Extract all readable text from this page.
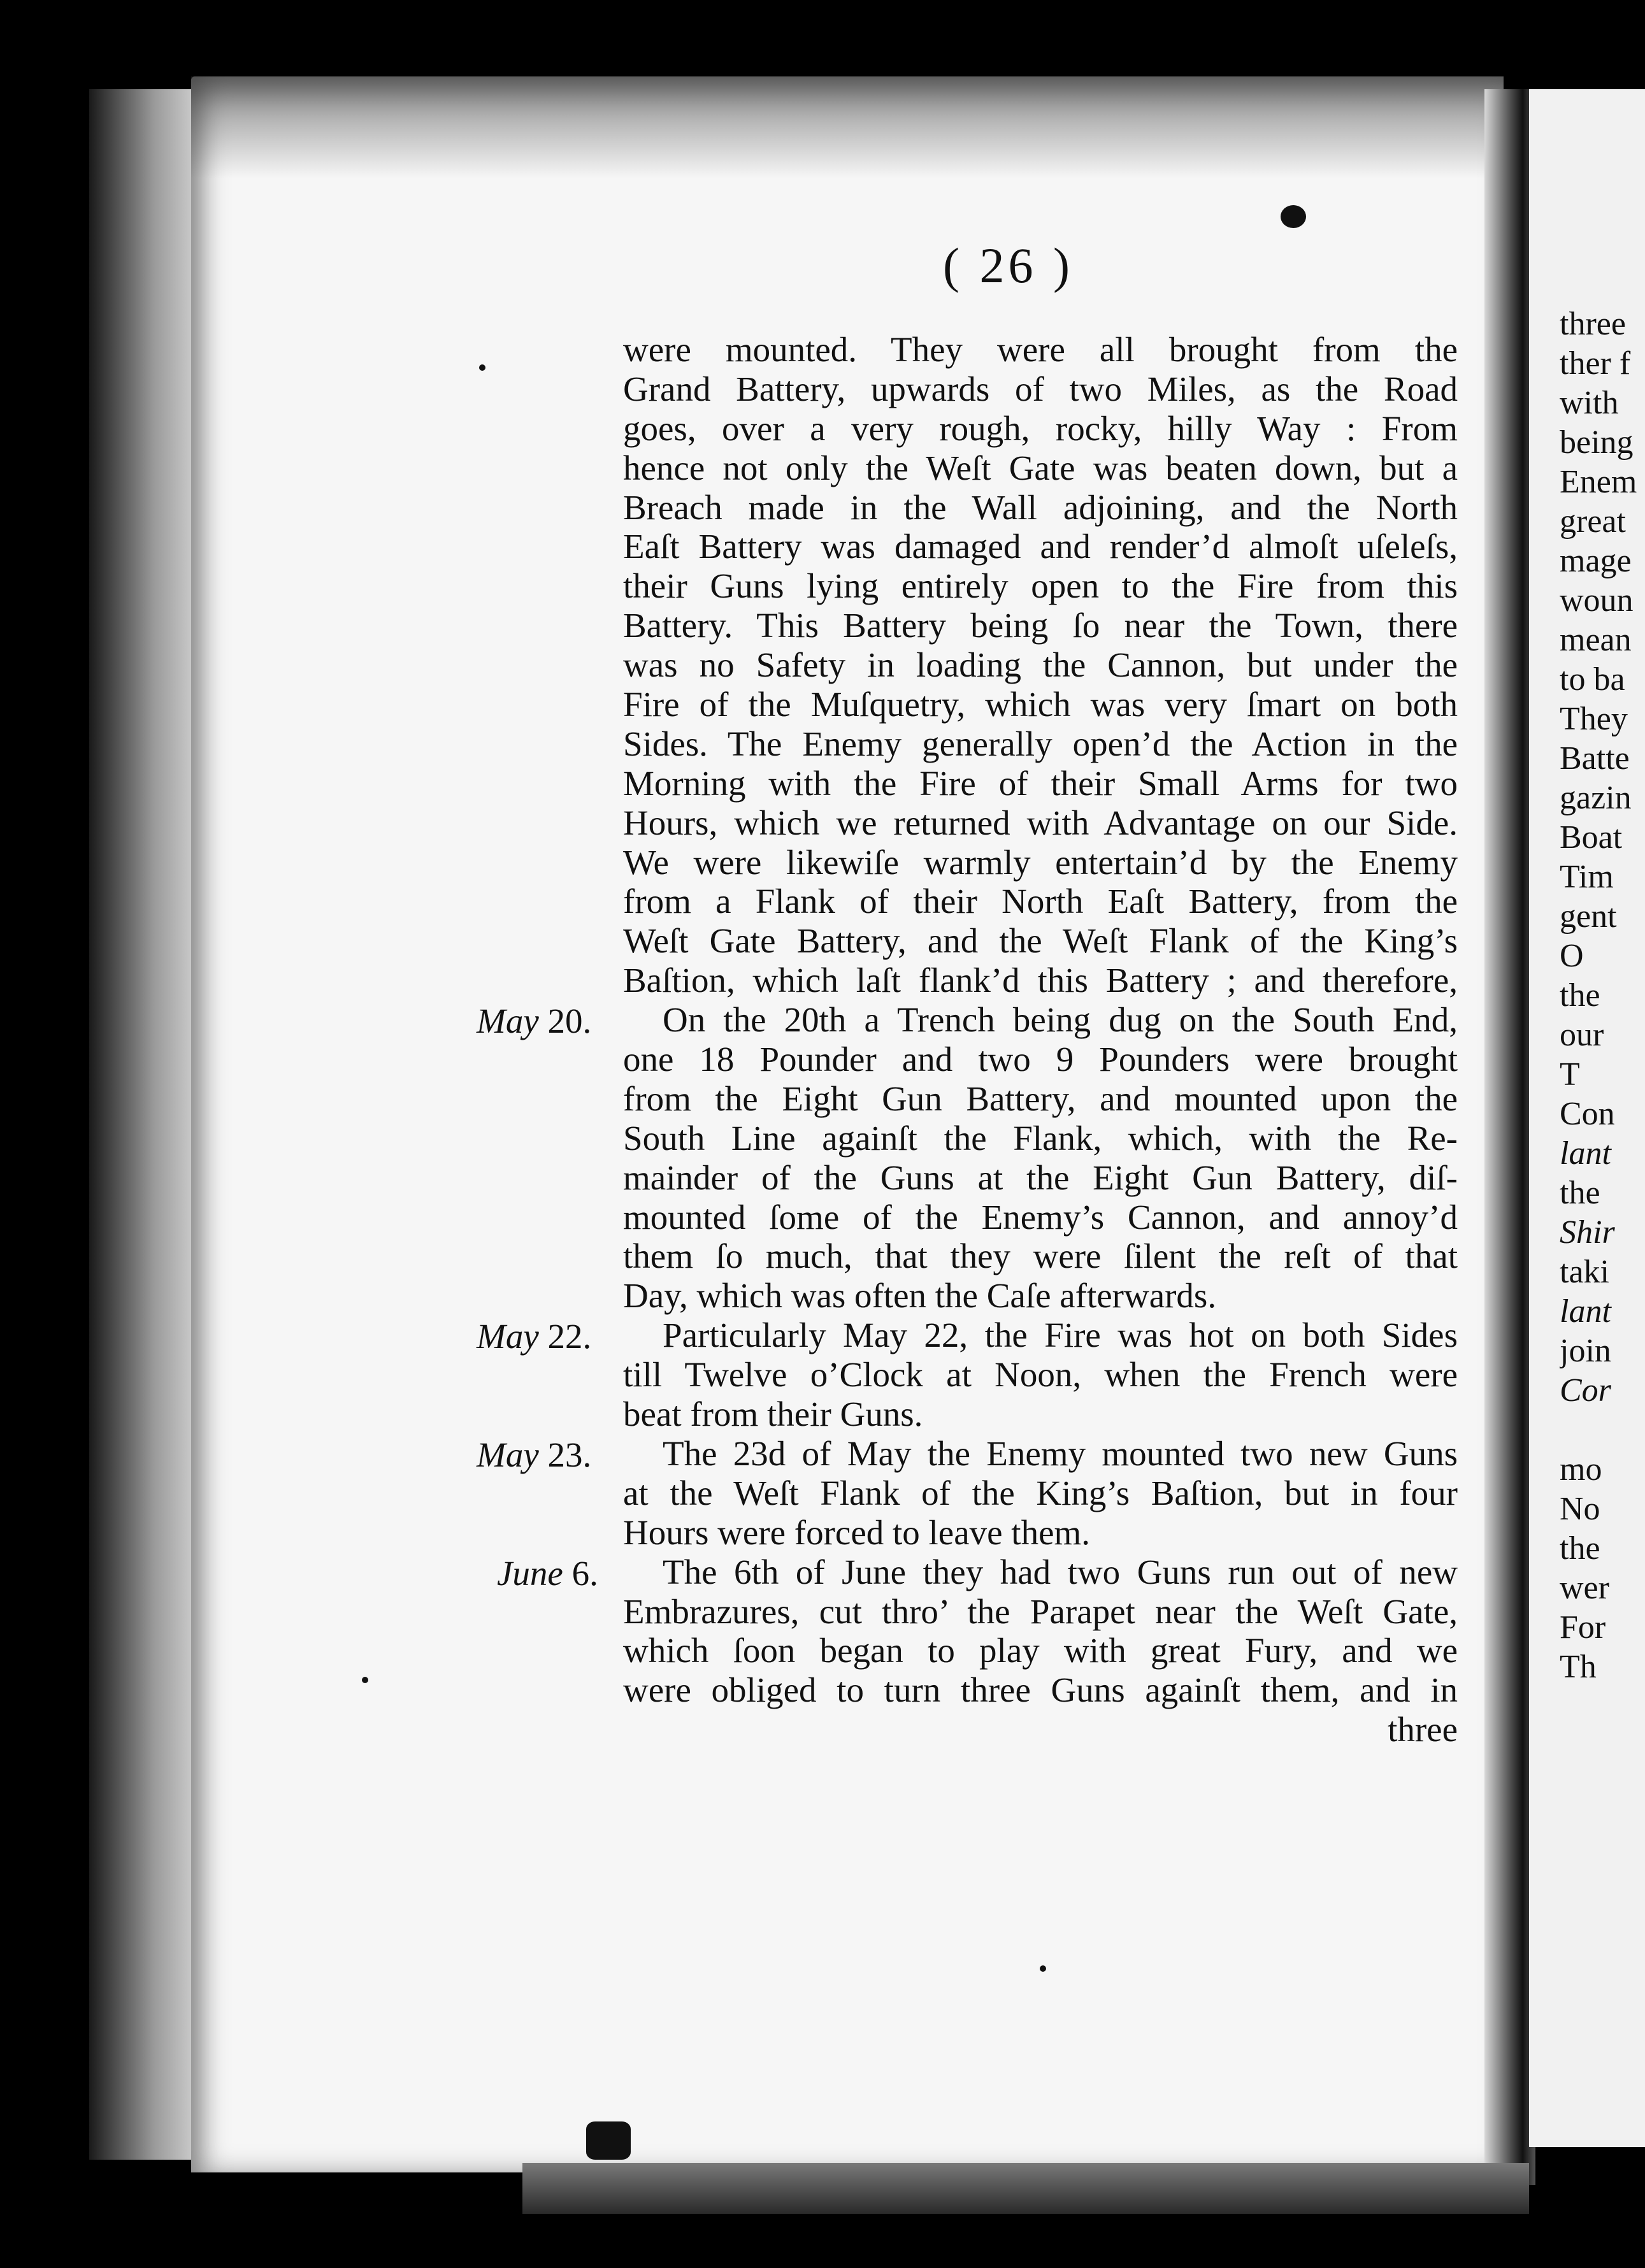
( 26 )
were mounted. They were all brought from the
Grand Battery, upwards of two Miles, as the Road
goes, over a very rough, rocky, hilly Way : From
hence not only the Weſt Gate was beaten down, but a
Breach made in the Wall adjoining, and the North
Eaſt Battery was damaged and render’d almoſt uſeleſs,
their Guns lying entirely open to the Fire from this
Battery. This Battery being ſo near the Town, there
was no Safety in loading the Cannon, but under the
Fire of the Muſquetry, which was very ſmart on both
Sides. The Enemy generally open’d the Action in the
Morning with the Fire of their Small Arms for two
Hours, which we returned with Advantage on our Side.
We were likewiſe warmly entertain’d by the Enemy
from a Flank of their North Eaſt Battery, from the
Weſt Gate Battery, and the Weſt Flank of the King’s
Baſtion, which laſt flank’d this Battery ; and therefore,
On the 20th a Trench being dug on the South End,
one 18 Pounder and two 9 Pounders were brought
from the Eight Gun Battery, and mounted upon the
South Line againſt the Flank, which, with the Re-
mainder of the Guns at the Eight Gun Battery, diſ-
mounted ſome of the Enemy’s Cannon, and annoy’d
them ſo much, that they were ſilent the reſt of that
Day, which was often the Caſe afterwards.
Particularly May 22, the Fire was hot on both Sides
till Twelve o’Clock at Noon, when the French were
beat from their Guns.
The 23d of May the Enemy mounted two new Guns
at the Weſt Flank of the King’s Baſtion, but in four
Hours were forced to leave them.
The 6th of June they had two Guns run out of new
Embrazures, cut thro’ the Parapet near the Weſt Gate,
which ſoon began to play with great Fury, and we
were obliged to turn three Guns againſt them, and in
three
May 20.
May 22.
May 23.
June 6.
three
ther f
with
being
Enem
great
mage
woun
mean
to ba
They
Batte
gazin
Boat
Tim
gent
O
the
our
T
Con
lant
the
Shir
taki
lant
join
Cor
mo
No
the
wer
For
Th
